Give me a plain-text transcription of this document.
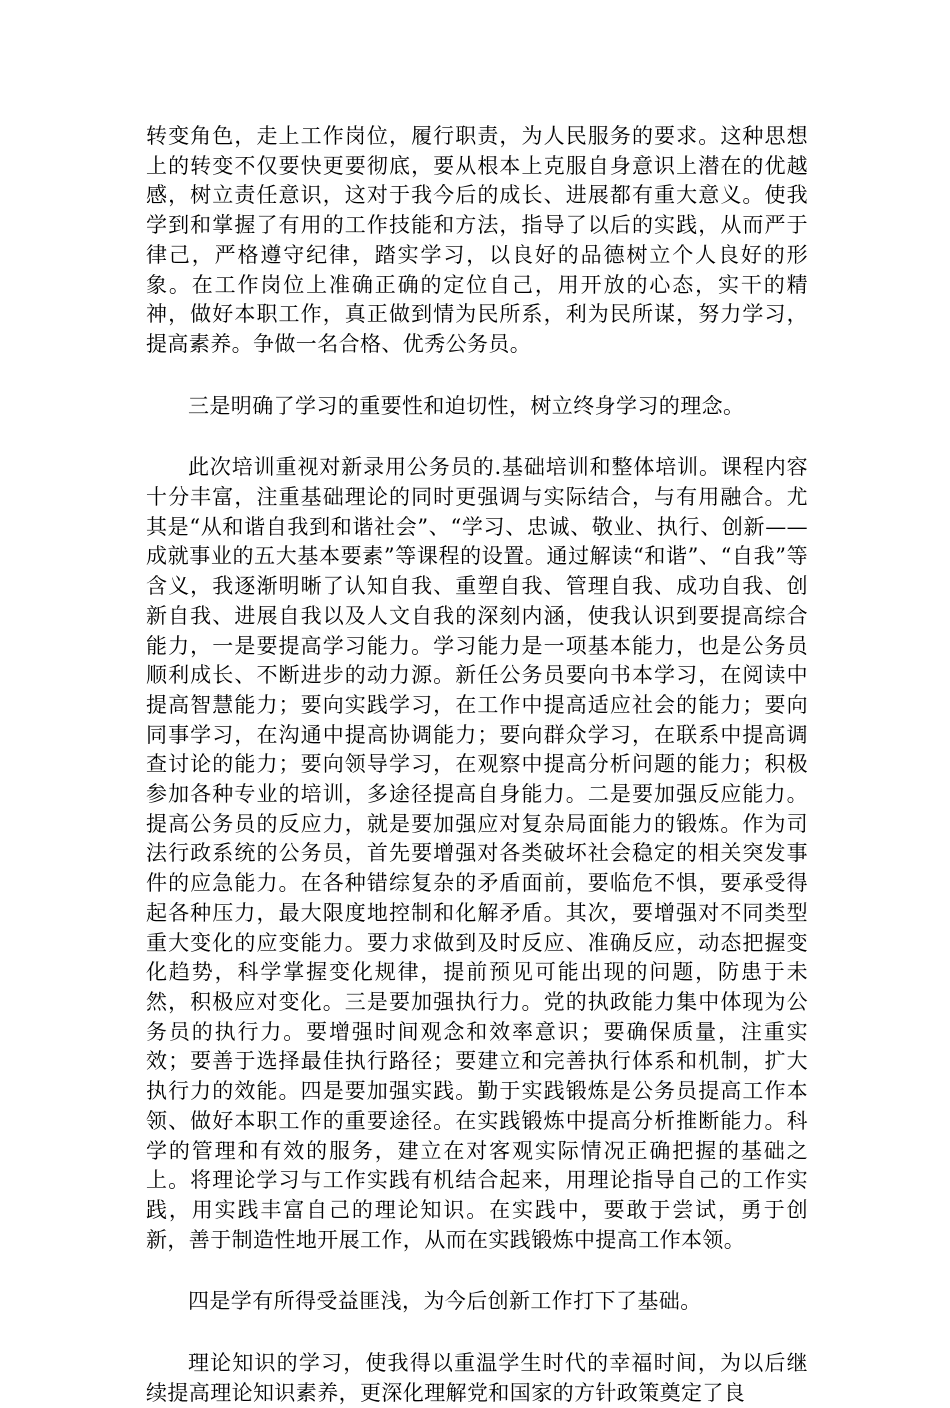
转变角色，走上工作岗位，履行职责，为人民服务的要求。这种思想上的转变不仅要快更要彻底，要从根本上克服自身意识上潜在的优越感，树立责任意识，这对于我今后的成长、进展都有重大意义。使我学到和掌握了有用的工作技能和方法，指导了以后的实践，从而严于律己，严格遵守纪律，踏实学习，以良好的品德树立个人良好的形象。在工作岗位上准确正确的定位自己，用开放的心态，实干的精神，做好本职工作，真正做到情为民所系，利为民所谋，努力学习，提高素养。争做一名合格、优秀公务员。

三是明确了学习的重要性和迫切性，树立终身学习的理念。

此次培训重视对新录用公务员的.基础培训和整体培训。课程内容十分丰富，注重基础理论的同时更强调与实际结合，与有用融合。尤其是“从和谐自我到和谐社会”、“学习、忠诚、敬业、执行、创新——成就事业的五大基本要素”等课程的设置。通过解读“和谐”、“自我”等含义，我逐渐明晰了认知自我、重塑自我、管理自我、成功自我、创新自我、进展自我以及人文自我的深刻内涵，使我认识到要提高综合能力，一是要提高学习能力。学习能力是一项基本能力，也是公务员顺利成长、不断进步的动力源。新任公务员要向书本学习，在阅读中提高智慧能力；要向实践学习，在工作中提高适应社会的能力；要向同事学习，在沟通中提高协调能力；要向群众学习，在联系中提高调查讨论的能力；要向领导学习，在观察中提高分析问题的能力；积极参加各种专业的培训，多途径提高自身能力。二是要加强反应能力。提高公务员的反应力，就是要加强应对复杂局面能力的锻炼。作为司法行政系统的公务员，首先要增强对各类破坏社会稳定的相关突发事件的应急能力。在各种错综复杂的矛盾面前，要临危不惧，要承受得起各种压力，最大限度地控制和化解矛盾。其次，要增强对不同类型重大变化的应变能力。要力求做到及时反应、准确反应，动态把握变化趋势，科学掌握变化规律，提前预见可能出现的问题，防患于未然，积极应对变化。三是要加强执行力。党的执政能力集中体现为公务员的执行力。要增强时间观念和效率意识；要确保质量，注重实效；要善于选择最佳执行路径；要建立和完善执行体系和机制，扩大执行力的效能。四是要加强实践。勤于实践锻炼是公务员提高工作本领、做好本职工作的重要途径。在实践锻炼中提高分析推断能力。科学的管理和有效的服务，建立在对客观实际情况正确把握的基础之上。将理论学习与工作实践有机结合起来，用理论指导自己的工作实践，用实践丰富自己的理论知识。在实践中，要敢于尝试，勇于创新，善于制造性地开展工作，从而在实践锻炼中提高工作本领。

四是学有所得受益匪浅，为今后创新工作打下了基础。

理论知识的学习，使我得以重温学生时代的幸福时间，为以后继续提高理论知识素养，更深化理解党和国家的方针政策奠定了良
